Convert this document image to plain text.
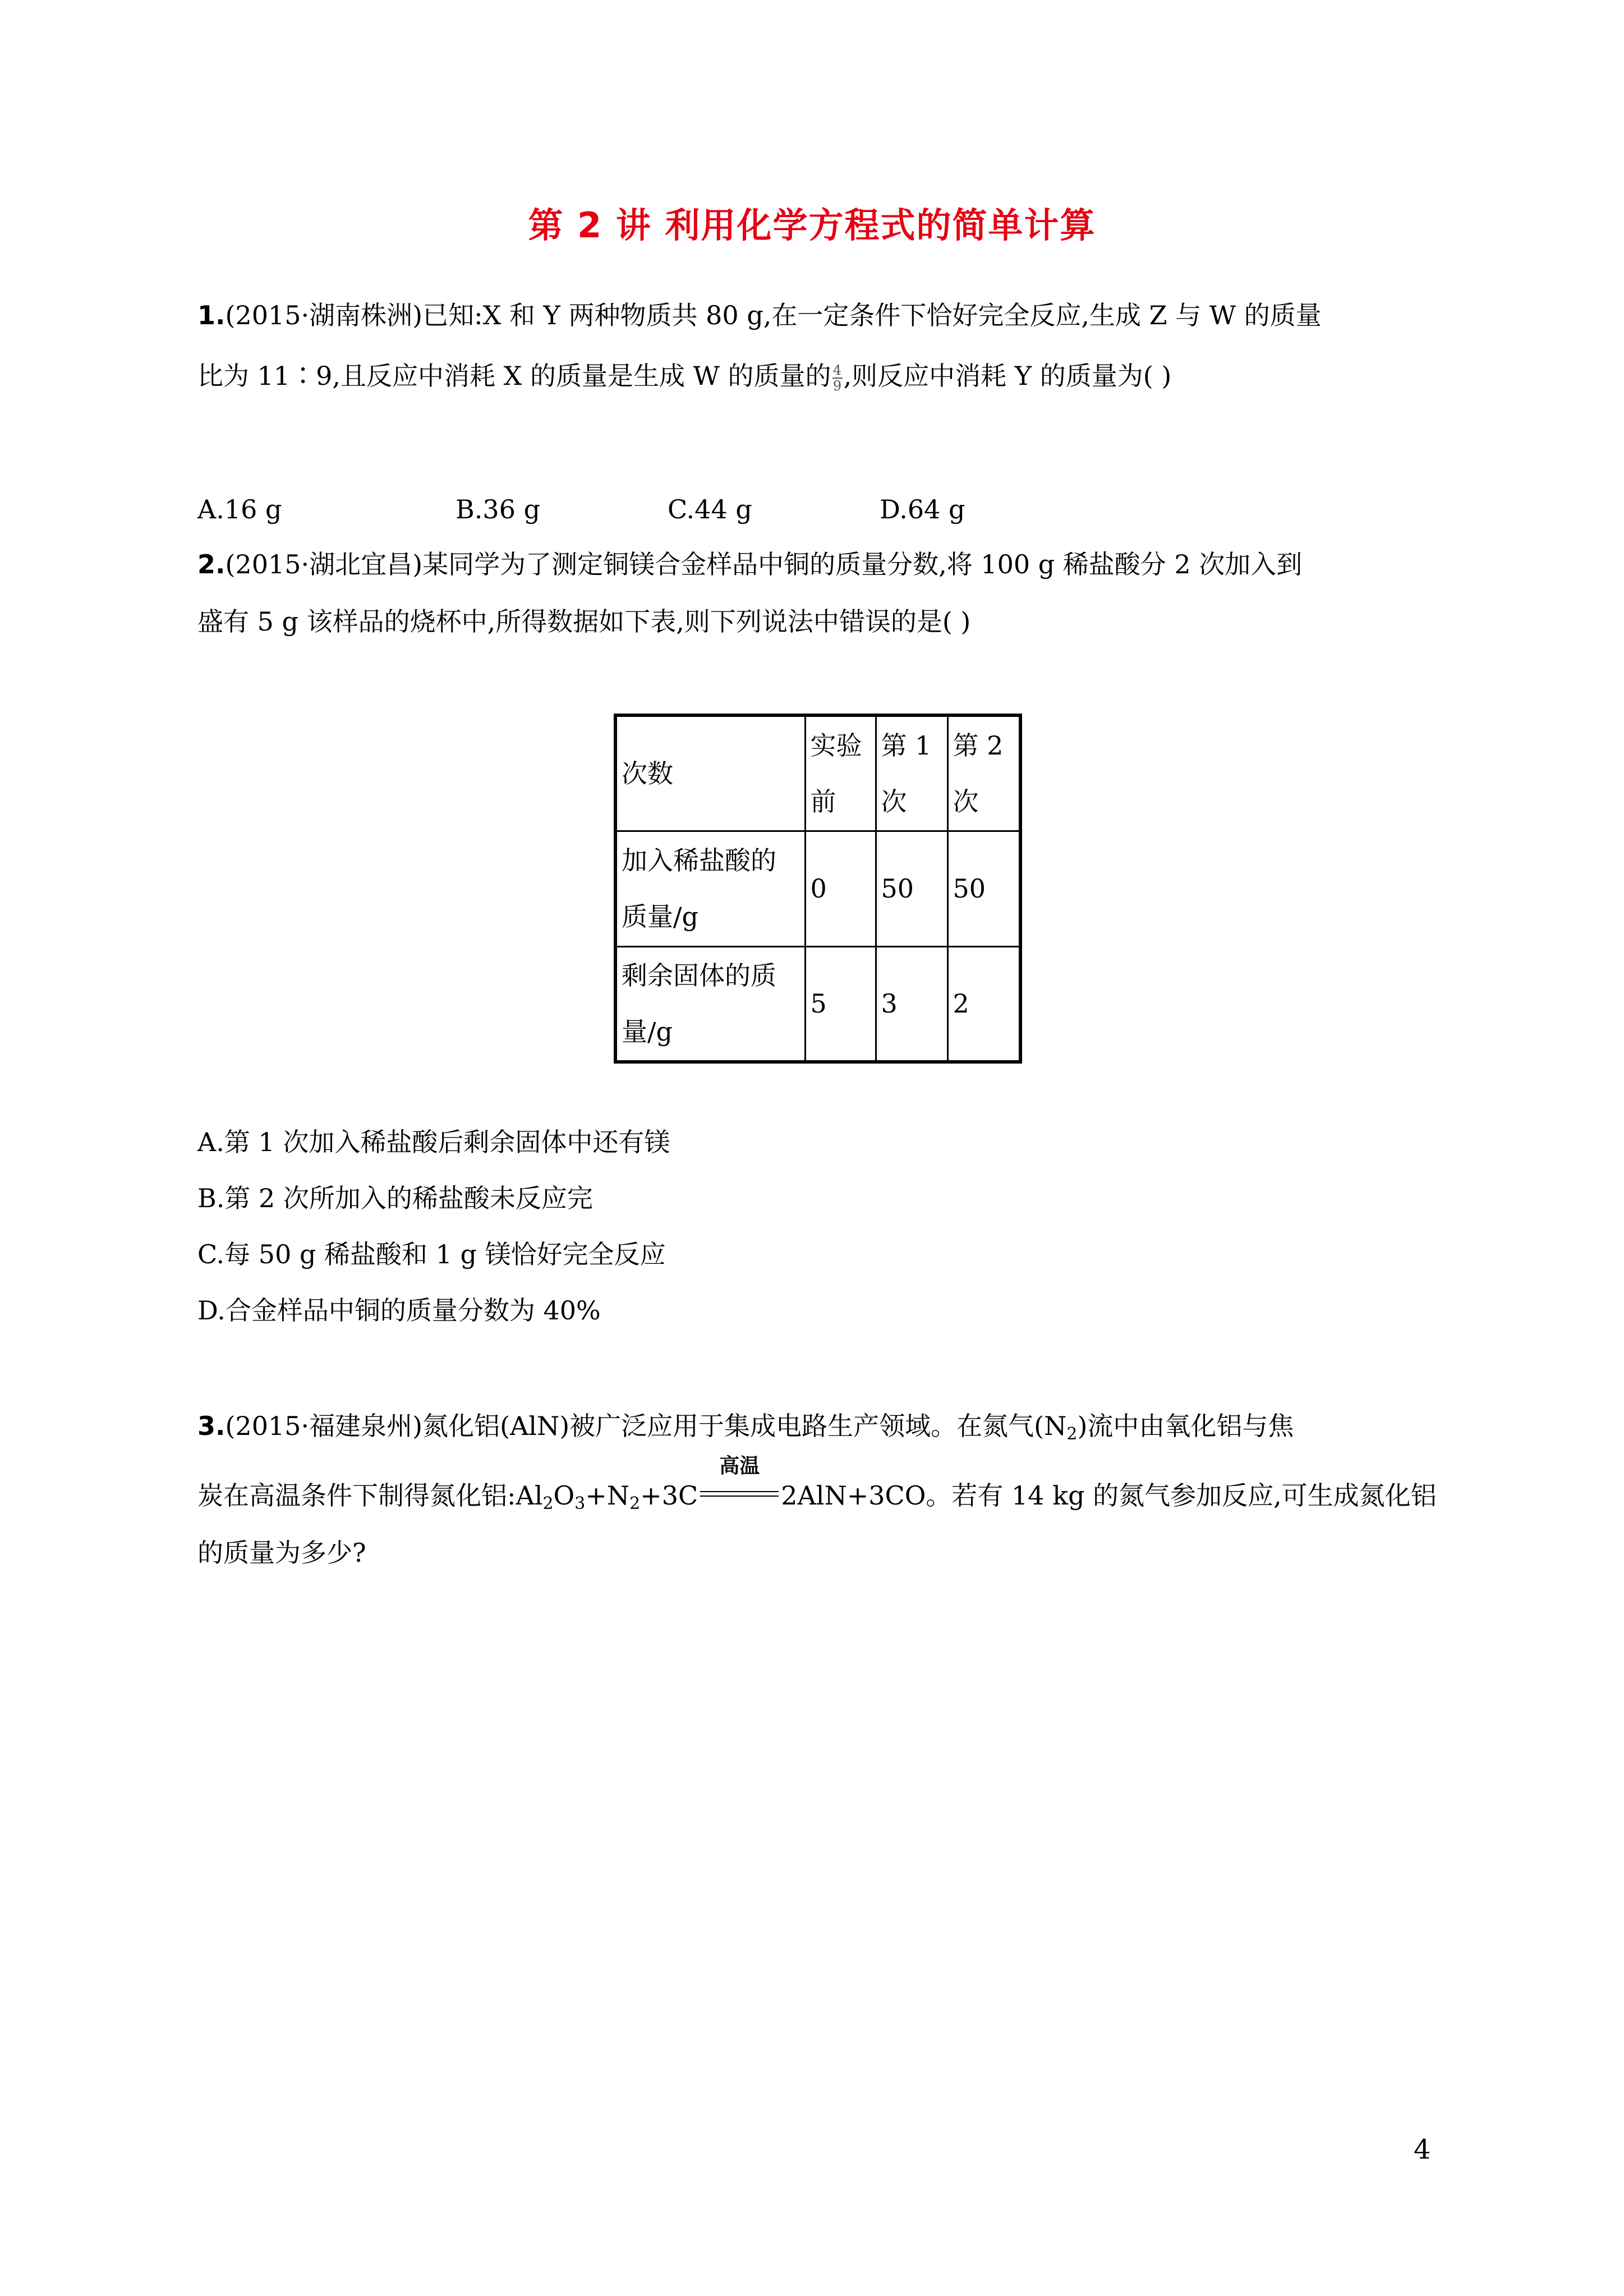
第 2 讲 利用化学方程式的简单计算
1.(2015·湖南株洲)已知:X 和 Y 两种物质共 80 g,在一定条件下恰好完全反应,生成 Z 与 W 的质量
比为 11∶9,且反应中消耗 X 的质量是生成 W 的质量的 $\frac{4}{9}$ ,则反应中消耗 Y 的质量为( )
A.16 g	B.36 g	C.44 g	D.64 g
2.(2015·湖北宜昌)某同学为了测定铜镁合金样品中铜的质量分数,将 100 g 稀盐酸分 2 次加入到
盛有 5 g 该样品的烧杯中,所得数据如下表,则下列说法中错误的是( )
次数	实验前	第 1 次	第 2 次
加入稀盐酸的质量/g	0	50	50
剩余固体的质量/g	5	3	2
A.第 1 次加入稀盐酸后剩余固体中还有镁
B.第 2 次所加入的稀盐酸未反应完
C.每 50 g 稀盐酸和 1 g 镁恰好完全反应
D.合金样品中铜的质量分数为 40%
3.(2015·福建泉州)氮化铝(AlN)被广泛应用于集成电路生产领域。在氮气$(N_2)$流中由氧化铝与焦
炭在高温条件下制得氮化铝$:Al_2O_3+N_2+3C$
高温
2AlN+3CO。若有 14 kg 的氮气参加反应,可生成氮化铝
的质量为多少?
4
